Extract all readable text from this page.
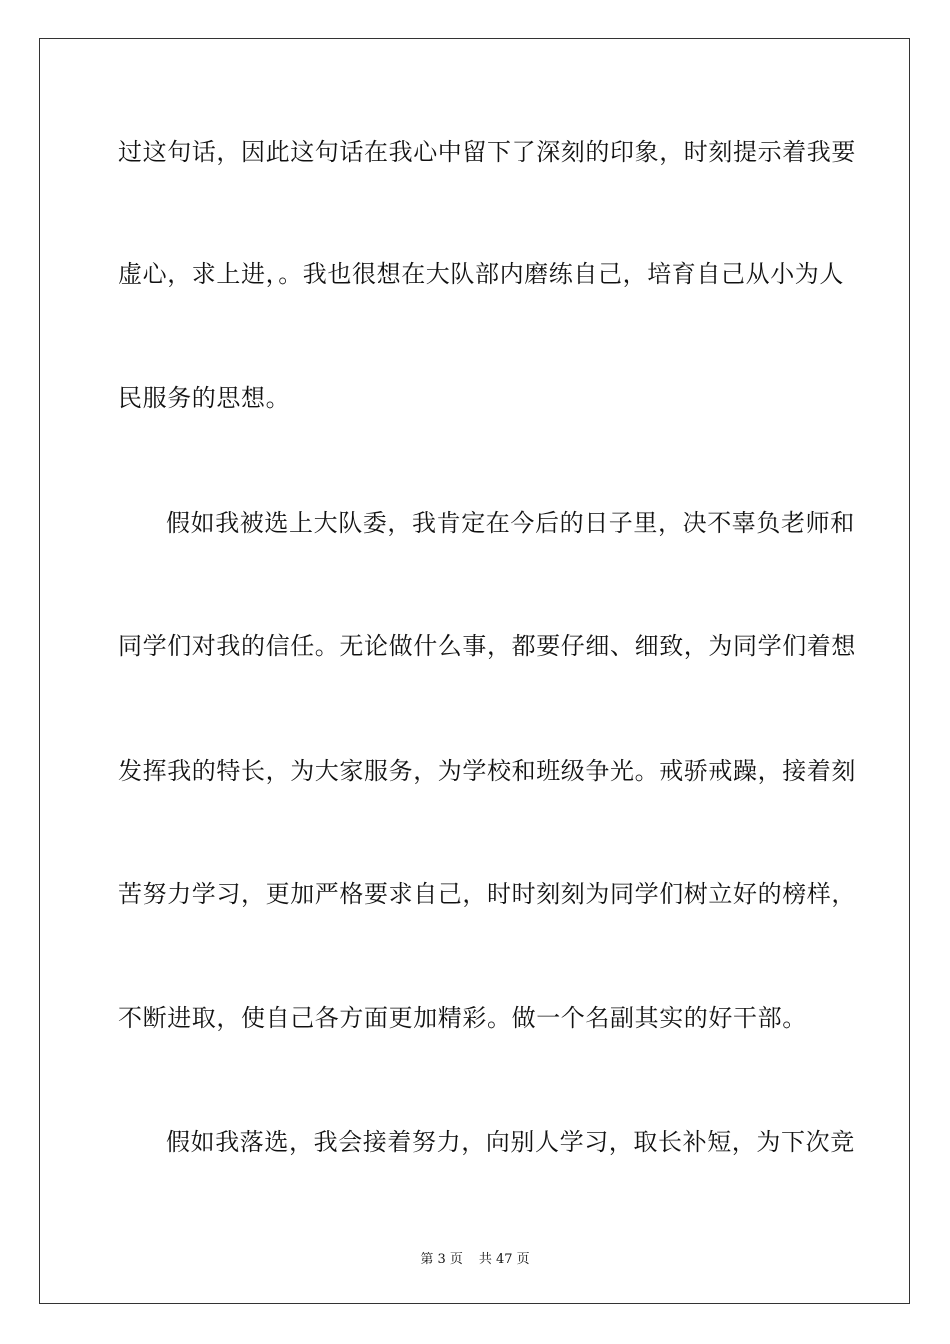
过这句话，因此这句话在我心中留下了深刻的印象，时刻提示着我要
虚心，求上进，。我也很想在大队部内磨练自己，培育自己从小为人
民服务的思想。
假如我被选上大队委，我肯定在今后的日子里，决不辜负老师和
同学们对我的信任。无论做什么事，都要仔细、细致，为同学们着想
发挥我的特长，为大家服务，为学校和班级争光。戒骄戒躁，接着刻
苦努力学习，更加严格要求自己，时时刻刻为同学们树立好的榜样，
不断进取，使自己各方面更加精彩。做一个名副其实的好干部。
假如我落选，我会接着努力，向别人学习，取长补短，为下次竞
第 3 页 共 47 页
